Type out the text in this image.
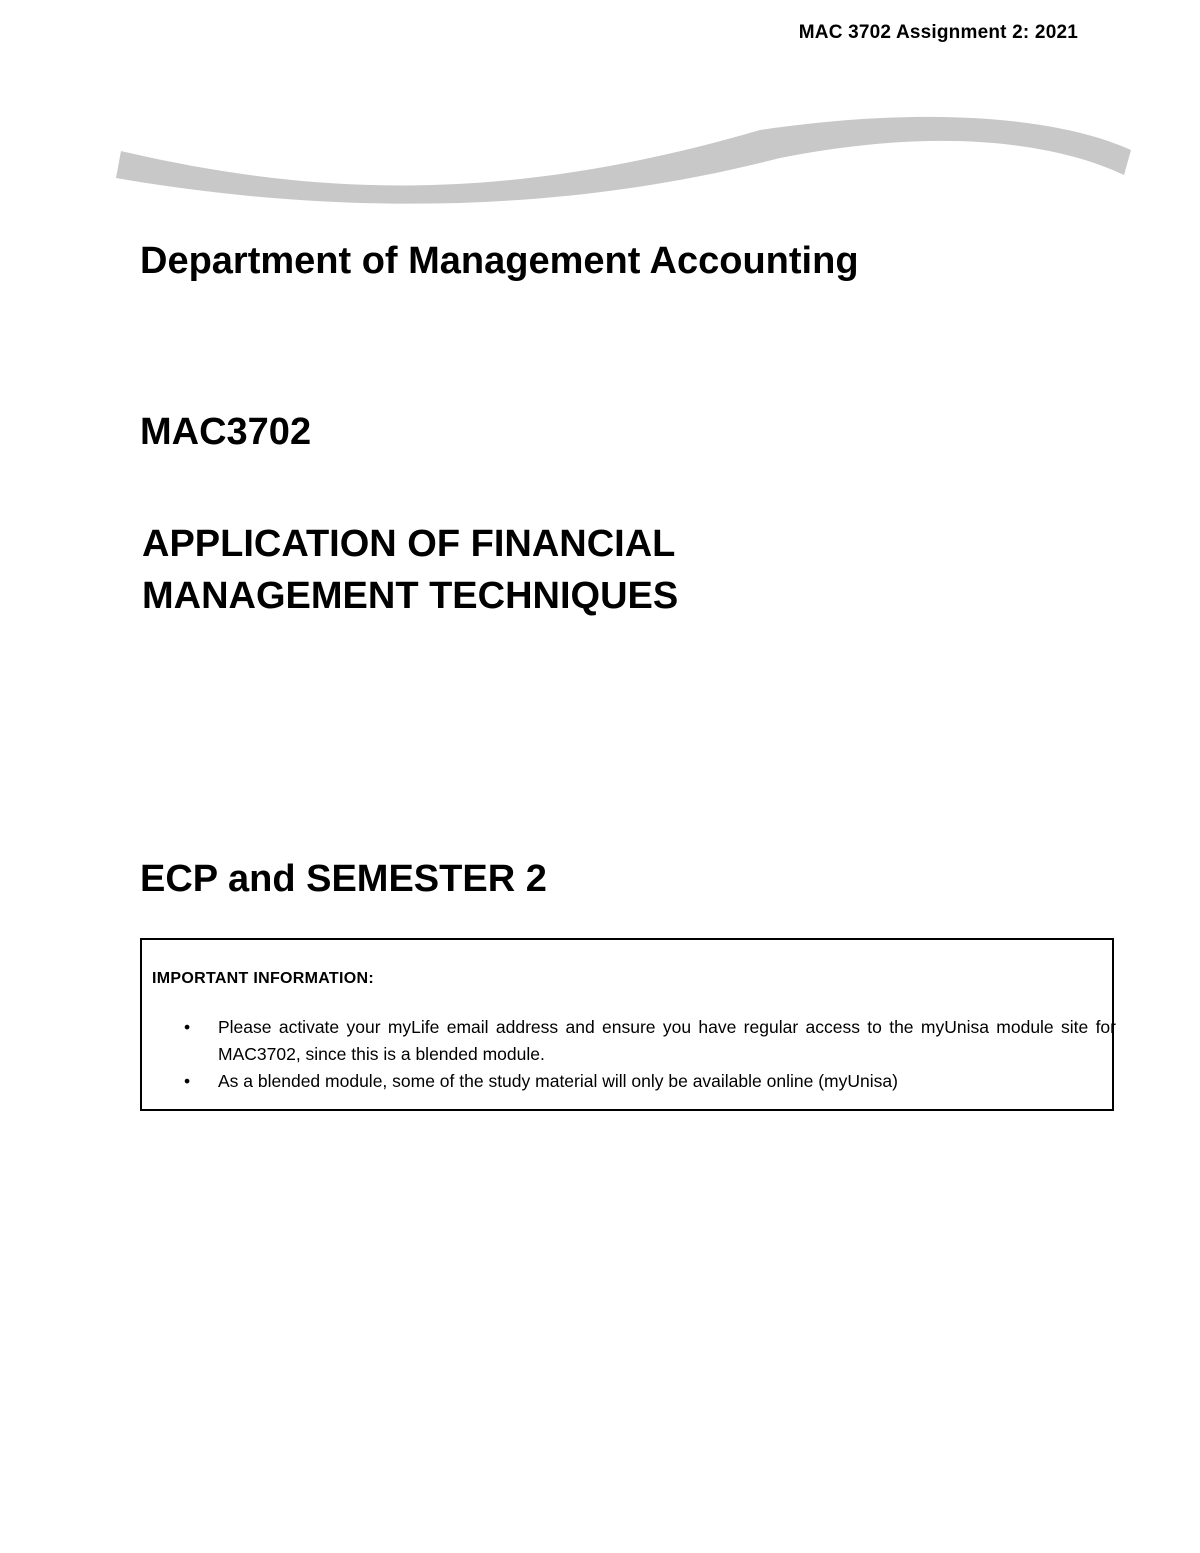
MAC 3702 Assignment 2: 2021
Department of Management Accounting
MAC3702
APPLICATION OF FINANCIAL
MANAGEMENT TECHNIQUES
ECP and SEMESTER 2
IMPORTANT INFORMATION:
• Please activate your myLife email address and ensure you have regular access to the myUnisa module site for MAC3702, since this is a blended module.
• As a blended module, some of the study material will only be available online (myUnisa)
